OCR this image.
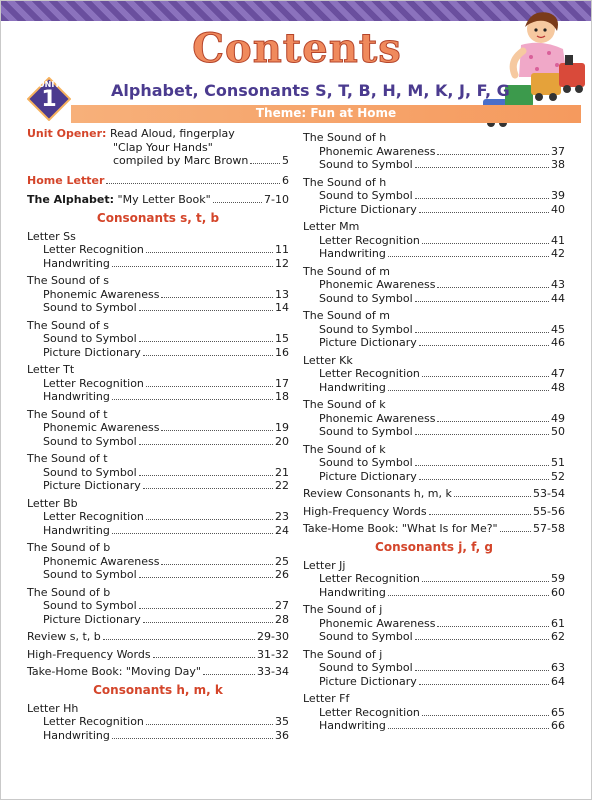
Contents
UNIT
1	Alphabet, Consonants S, T, B, H, M, K, J, F, G
Theme: Fun at Home
Unit Opener: Read Aloud, fingerplay
"Clap Your Hands"
compiled by Marc Brown	5
Home Letter	6
The Alphabet: "My Letter Book"	7-10
Consonants s, t, b
Letter Ss
Letter Recognition	11
Handwriting	12
The Sound of s
Phonemic Awareness	13
Sound to Symbol	14
The Sound of s
Sound to Symbol	15
Picture Dictionary	16
Letter Tt
Letter Recognition	17
Handwriting	18
The Sound of t
Phonemic Awareness	19
Sound to Symbol	20
The Sound of t
Sound to Symbol	21
Picture Dictionary	22
Letter Bb
Letter Recognition	23
Handwriting	24
The Sound of b
Phonemic Awareness	25
Sound to Symbol	26
The Sound of b
Sound to Symbol	27
Picture Dictionary	28
Review s, t, b	29-30
High-Frequency Words	31-32
Take-Home Book: "Moving Day"	33-34
Consonants h, m, k
Letter Hh
Letter Recognition	35
Handwriting	36
The Sound of h
Phonemic Awareness	37
Sound to Symbol	38
The Sound of h
Sound to Symbol	39
Picture Dictionary	40
Letter Mm
Letter Recognition	41
Handwriting	42
The Sound of m
Phonemic Awareness	43
Sound to Symbol	44
The Sound of m
Sound to Symbol	45
Picture Dictionary	46
Letter Kk
Letter Recognition	47
Handwriting	48
The Sound of k
Phonemic Awareness	49
Sound to Symbol	50
The Sound of k
Sound to Symbol	51
Picture Dictionary	52
Review Consonants h, m, k	53-54
High-Frequency Words	55-56
Take-Home Book: "What Is for Me?"	57-58
Consonants j, f, g
Letter Jj
Letter Recognition	59
Handwriting	60
The Sound of j
Phonemic Awareness	61
Sound to Symbol	62
The Sound of j
Sound to Symbol	63
Picture Dictionary	64
Letter Ff
Letter Recognition	65
Handwriting	66
